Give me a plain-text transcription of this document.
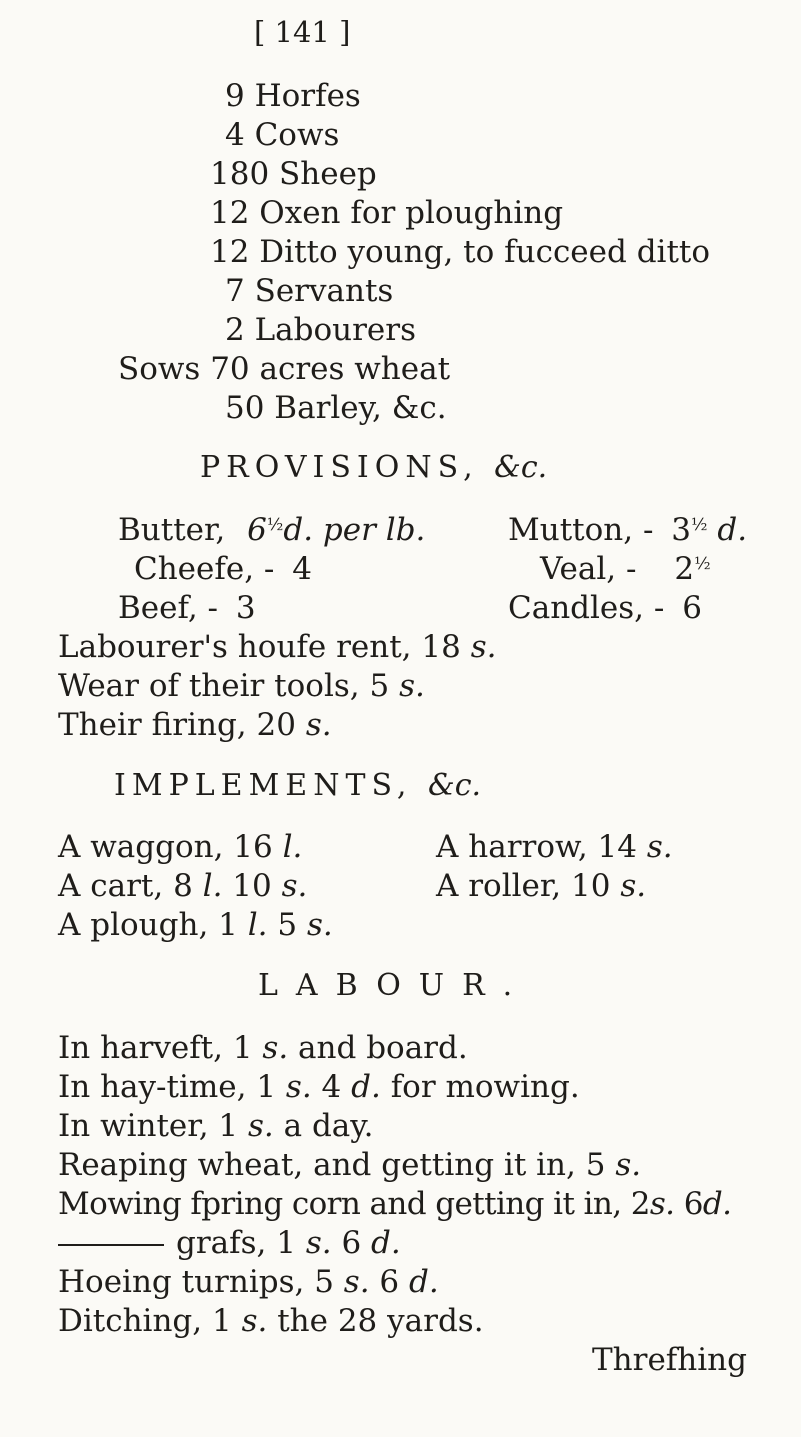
[ 141 ]
9 Horfes
4 Cows
180 Sheep
12 Oxen for ploughing
12 Ditto young, to fucceed ditto
7 Servants
2 Labourers
Sows 70 acres wheat
50 Barley, &c.
PROVISIONS, &c.
Butter, $6^{\frac{1}{2}}d$. per lb.	Mutton, - $3^{\frac{1}{2}}$ d.
Cheefe, - 4	Veal, - $2^{\frac{1}{2}}$
Beef, - 3	Candles, - 6
Labourer's houfe rent, 18 s.
Wear of their tools, 5 s.
Their firing, 20 s.
IMPLEMENTS, &c.
A waggon, 16 l.	A harrow, 14 s.
A cart, 8 l. 10 s.	A roller, 10 s.
A plough, 1 l. 5 s.
LABOUR.
In harveft, 1 s. and board.
In hay-time, 1 s. 4 d. for mowing.
In winter, 1 s. a day.
Reaping wheat, and getting it in, 5 s.
Mowing fpring corn and getting it in, 2s. 6d.
grafs, 1 s. 6 d.
Hoeing turnips, 5 s. 6 d.
Ditching, 1 s. the 28 yards.
Threfhing
